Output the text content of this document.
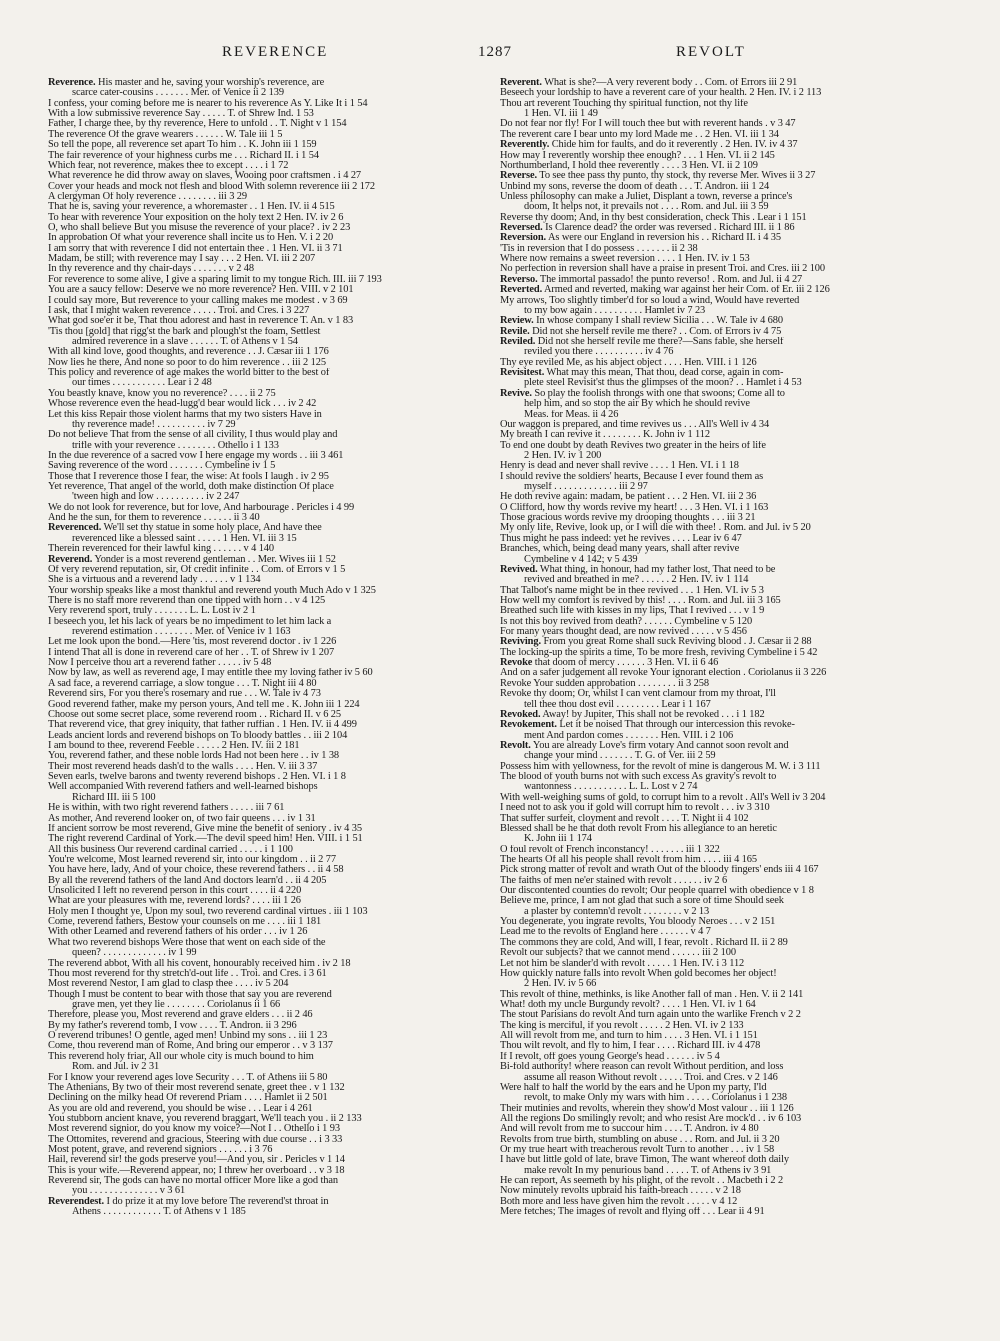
REVERENCE	1287	REVOLT
Reverence. His master and he, saving your worship's reverence, are
scarce cater-cousins . . . . . . . Mer. of Venice ii 2 139
I confess, your coming before me is nearer to his reverence As Y. Like It i 1 54
With a low submissive reverence Say . . . . . T. of Shrew Ind. 1 53
Father, I charge thee, by thy reverence, Here to unfold . . T. Night v 1 154
The reverence Of the grave wearers . . . . . . W. Tale iii 1 5
So tell the pope, all reverence set apart To him . . K. John iii 1 159
The fair reverence of your highness curbs me . . . Richard II. i 1 54
Which fear, not reverence, makes thee to except . . . . i 1 72
What reverence he did throw away on slaves, Wooing poor craftsmen . i 4 27
Cover your heads and mock not flesh and blood With solemn reverence iii 2 172
A clergyman Of holy reverence . . . . . . . . iii 3 29
That he is, saving your reverence, a whoremaster . . 1 Hen. IV. ii 4 515
To hear with reverence Your exposition on the holy text 2 Hen. IV. iv 2 6
O, who shall believe But you misuse the reverence of your place? . iv 2 23
In approbation Of what your reverence shall incite us to Hen. V. i 2 20
I am sorry that with reverence I did not entertain thee . 1 Hen. VI. ii 3 71
Madam, be still; with reverence may I say . . . 2 Hen. VI. iii 2 207
In thy reverence and thy chair-days . . . . . . . v 2 48
For reverence to some alive, I give a sparing limit to my tongue Rich. III. iii 7 193
You are a saucy fellow: Deserve we no more reverence? Hen. VIII. v 2 101
I could say more, But reverence to your calling makes me modest . v 3 69
I ask, that I might waken reverence . . . . . Troi. and Cres. i 3 227
What god soe'er it be, That thou adorest and hast in reverence T. An. v 1 83
'Tis thou [gold] that rigg'st the bark and plough'st the foam, Settlest
admired reverence in a slave . . . . . . T. of Athens v 1 54
With all kind love, good thoughts, and reverence . . J. Cæsar iii 1 176
Now lies he there, And none so poor to do him reverence . . iii 2 125
This policy and reverence of age makes the world bitter to the best of
our times . . . . . . . . . . . Lear i 2 48
You beastly knave, know you no reverence? . . . . ii 2 75
Whose reverence even the head-lugg'd bear would lick . . . iv 2 42
Let this kiss Repair those violent harms that my two sisters Have in
thy reverence made! . . . . . . . . . . iv 7 29
Do not believe That from the sense of all civility, I thus would play and
trifle with your reverence . . . . . . . . Othello i 1 133
In the due reverence of a sacred vow I here engage my words . . iii 3 461
Saving reverence of the word . . . . . . . Cymbeline iv 1 5
Those that I reverence those I fear, the wise: At fools I laugh . iv 2 95
Yet reverence, That angel of the world, doth make distinction Of place
'tween high and low . . . . . . . . . . iv 2 247
We do not look for reverence, but for love, And harbourage . Pericles i 4 99
And he the sun, for them to reverence . . . . . . ii 3 40
Reverenced. We'll set thy statue in some holy place, And have thee
reverenced like a blessed saint . . . . . 1 Hen. VI. iii 3 15
Therein reverenced for their lawful king . . . . . . v 4 140
Reverend. Yonder is a most reverend gentleman . . Mer. Wives iii 1 52
Of very reverend reputation, sir, Of credit infinite . . Com. of Errors v 1 5
She is a virtuous and a reverend lady . . . . . . v 1 134
Your worship speaks like a most thankful and reverend youth Much Ado v 1 325
There is no staff more reverend than one tipped with horn . . v 4 125
Very reverend sport, truly . . . . . . . L. L. Lost iv 2 1
I beseech you, let his lack of years be no impediment to let him lack a
reverend estimation . . . . . . . . Mer. of Venice iv 1 163
Let me look upon the bond.—Here 'tis, most reverend doctor . iv 1 226
I intend That all is done in reverend care of her . . T. of Shrew iv 1 207
Now I perceive thou art a reverend father . . . . . iv 5 48
Now by law, as well as reverend age, I may entitle thee my loving father iv 5 60
A sad face, a reverend carriage, a slow tongue . . . T. Night iii 4 80
Reverend sirs, For you there's rosemary and rue . . . W. Tale iv 4 73
Good reverend father, make my person yours, And tell me . K. John iii 1 224
Choose out some secret place, some reverend room . . Richard II. v 6 25
That reverend vice, that grey iniquity, that father ruffian . 1 Hen. IV. ii 4 499
Leads ancient lords and reverend bishops on To bloody battles . . iii 2 104
I am bound to thee, reverend Feeble . . . . . 2 Hen. IV. iii 2 181
You, reverend father, and these noble lords Had not been here . . iv 1 38
Their most reverend heads dash'd to the walls . . . . Hen. V. iii 3 37
Seven earls, twelve barons and twenty reverend bishops . 2 Hen. VI. i 1 8
Well accompanied With reverend fathers and well-learned bishops
Richard III. iii 5 100
He is within, with two right reverend fathers . . . . . iii 7 61
As mother, And reverend looker on, of two fair queens . . . iv 1 31
If ancient sorrow be most reverend, Give mine the benefit of seniory . iv 4 35
The right reverend Cardinal of York.—The devil speed him! Hen. VIII. i 1 51
All this business Our reverend cardinal carried . . . . . i 1 100
You're welcome, Most learned reverend sir, into our kingdom . . ii 2 77
You have here, lady, And of your choice, these reverend fathers . . ii 4 58
By all the reverend fathers of the land And doctors learn'd . . ii 4 205
Unsolicited I left no reverend person in this court . . . . ii 4 220
What are your pleasures with me, reverend lords? . . . . iii 1 26
Holy men I thought ye, Upon my soul, two reverend cardinal virtues . iii 1 103
Come, reverend fathers, Bestow your counsels on me . . . . iii 1 181
With other Learned and reverend fathers of his order . . . iv 1 26
What two reverend bishops Were those that went on each side of the
queen? . . . . . . . . . . . . . iv 1 99
The reverend abbot, With all his covent, honourably received him . iv 2 18
Thou most reverend for thy stretch'd-out life . . Troi. and Cres. i 3 61
Most reverend Nestor, I am glad to clasp thee . . . . iv 5 204
Though I must be content to bear with those that say you are reverend
grave men, yet they lie . . . . . . . . Coriolanus ii 1 66
Therefore, please you, Most reverend and grave elders . . . ii 2 46
By my father's reverend tomb, I vow . . . . T. Andron. ii 3 296
O reverend tribunes! O gentle, aged men! Unbind my sons . . iii 1 23
Come, thou reverend man of Rome, And bring our emperor . . v 3 137
This reverend holy friar, All our whole city is much bound to him
Rom. and Jul. iv 2 31
For I know your reverend ages love Security . . . T. of Athens iii 5 80
The Athenians, By two of their most reverend senate, greet thee . v 1 132
Declining on the milky head Of reverend Priam . . . . Hamlet ii 2 501
As you are old and reverend, you should be wise . . . Lear i 4 261
You stubborn ancient knave, you reverend braggart, We'll teach you . ii 2 133
Most reverend signior, do you know my voice?—Not I . . Othello i 1 93
The Ottomites, reverend and gracious, Steering with due course . . i 3 33
Most potent, grave, and reverend signiors . . . . . . i 3 76
Hail, reverend sir! the gods preserve you!—And you, sir . Pericles v 1 14
This is your wife.—Reverend appear, no; I threw her overboard . . v 3 18
Reverend sir, The gods can have no mortal officer More like a god than
you . . . . . . . . . . . . . . v 3 61
Reverendest. I do prize it at my love before The reverend'st throat in
Athens . . . . . . . . . . . . T. of Athens v 1 185
Reverent. What is she?—A very reverent body . . Com. of Errors iii 2 91
Beseech your lordship to have a reverent care of your health. 2 Hen. IV. i 2 113
Thou art reverent Touching thy spiritual function, not thy life
1 Hen. VI. iii 1 49
Do not fear nor fly! For I will touch thee but with reverent hands . v 3 47
The reverent care I bear unto my lord Made me . . 2 Hen. VI. iii 1 34
Reverently. Chide him for faults, and do it reverently . 2 Hen. IV. iv 4 37
How may I reverently worship thee enough? . . . 1 Hen. VI. ii 2 145
Northumberland, I hold thee reverently . . . . 3 Hen. VI. ii 2 109
Reverse. To see thee pass thy punto, thy stock, thy reverse Mer. Wives ii 3 27
Unbind my sons, reverse the doom of death . . . T. Andron. iii 1 24
Unless philosophy can make a Juliet, Displant a town, reverse a prince's
doom, It helps not, it prevails not . . . . Rom. and Jul. iii 3 59
Reverse thy doom; And, in thy best consideration, check This . Lear i 1 151
Reversed. Is Clarence dead? the order was reversed . Richard III. ii 1 86
Reversion. As were our England in reversion his . . Richard II. i 4 35
'Tis in reversion that I do possess . . . . . . . ii 2 38
Where now remains a sweet reversion . . . . 1 Hen. IV. iv 1 53
No perfection in reversion shall have a praise in present Troi. and Cres. iii 2 100
Reverso. The immortal passado! the punto reverso! . Rom. and Jul. ii 4 27
Reverted. Armed and reverted, making war against her heir Com. of Er. iii 2 126
My arrows, Too slightly timber'd for so loud a wind, Would have reverted
to my bow again . . . . . . . . . . Hamlet iv 7 23
Review. In whose company I shall review Sicilia . . . W. Tale iv 4 680
Revile. Did not she herself revile me there? . . Com. of Errors iv 4 75
Reviled. Did not she herself revile me there?—Sans fable, she herself
reviled you there . . . . . . . . . . iv 4 76
Thy eye reviled Me, as his abject object . . . . Hen. VIII. i 1 126
Revisitest. What may this mean, That thou, dead corse, again in com-
plete steel Revisit'st thus the glimpses of the moon? . . Hamlet i 4 53
Revive. So play the foolish throngs with one that swoons; Come all to
help him, and so stop the air By which he should revive
Meas. for Meas. ii 4 26
Our waggon is prepared, and time revives us . . . All's Well iv 4 34
My breath I can revive it . . . . . . . . K. John iv 1 112
To end one doubt by death Revives two greater in the heirs of life
2 Hen. IV. iv 1 200
Henry is dead and never shall revive . . . . 1 Hen. VI. i 1 18
I should revive the soldiers' hearts, Because I ever found them as
myself . . . . . . . . . . . . . iii 2 97
He doth revive again: madam, be patient . . . 2 Hen. VI. iii 2 36
O Clifford, how thy words revive my heart! . . . 3 Hen. VI. i 1 163
Those gracious words revive my drooping thoughts . . . iii 3 21
My only life, Revive, look up, or I will die with thee! . Rom. and Jul. iv 5 20
Thus might he pass indeed: yet he revives . . . . Lear iv 6 47
Branches, which, being dead many years, shall after revive
Cymbeline v 4 142; v 5 439
Revived. What thing, in honour, had my father lost, That need to be
revived and breathed in me? . . . . . . 2 Hen. IV. iv 1 114
That Talbot's name might be in thee revived . . . 1 Hen. VI. iv 5 3
How well my comfort is revived by this! . . . . Rom. and Jul. iii 3 165
Breathed such life with kisses in my lips, That I revived . . . v 1 9
Is not this boy revived from death? . . . . . . Cymbeline v 5 120
For many years thought dead, are now revived . . . . . v 5 456
Reviving. From you great Rome shall suck Reviving blood . J. Cæsar ii 2 88
The locking-up the spirits a time, To be more fresh, reviving Cymbeline i 5 42
Revoke that doom of mercy . . . . . . 3 Hen. VI. ii 6 46
And on a safer judgement all revoke Your ignorant election . Coriolanus ii 3 226
Revoke Your sudden approbation . . . . . . . . ii 3 258
Revoke thy doom; Or, whilst I can vent clamour from my throat, I'll
tell thee thou dost evil . . . . . . . . . Lear i 1 167
Revoked. Away! by Jupiter, This shall not be revoked . . . i 1 182
Revokement. Let it be noised That through our intercession this revoke-
ment And pardon comes . . . . . . . Hen. VIII. i 2 106
Revolt. You are already Love's firm votary And cannot soon revolt and
change your mind . . . . . . . T. G. of Ver. iii 2 59
Possess him with yellowness, for the revolt of mine is dangerous M. W. i 3 111
The blood of youth burns not with such excess As gravity's revolt to
wantonness . . . . . . . . . . . L. L. Lost v 2 74
With well-weighing sums of gold, to corrupt him to a revolt . All's Well iv 3 204
I need not to ask you if gold will corrupt him to revolt . . . iv 3 310
That suffer surfeit, cloyment and revolt . . . . T. Night ii 4 102
Blessed shall be he that doth revolt From his allegiance to an heretic
K. John iii 1 174
O foul revolt of French inconstancy! . . . . . . . iii 1 322
The hearts Of all his people shall revolt from him . . . . iii 4 165
Pick strong matter of revolt and wrath Out of the bloody fingers' ends iii 4 167
The faiths of men ne'er stained with revolt . . . . . . iv 2 6
Our discontented counties do revolt; Our people quarrel with obedience v 1 8
Believe me, prince, I am not glad that such a sore of time Should seek
a plaster by contemn'd revolt . . . . . . . . v 2 13
You degenerate, you ingrate revolts, You bloody Neroes . . . v 2 151
Lead me to the revolts of England here . . . . . . v 4 7
The commons they are cold, And will, I fear, revolt . Richard II. ii 2 89
Revolt our subjects? that we cannot mend . . . . . . iii 2 100
Let not him be slander'd with revolt . . . . . 1 Hen. IV. i 3 112
How quickly nature falls into revolt When gold becomes her object!
2 Hen. IV. iv 5 66
This revolt of thine, methinks, is like Another fall of man . Hen. V. ii 2 141
What! doth my uncle Burgundy revolt? . . . . 1 Hen. VI. iv 1 64
The stout Parisians do revolt And turn again unto the warlike French v 2 2
The king is merciful, if you revolt . . . . . 2 Hen. VI. iv 2 133
All will revolt from me, and turn to him . . . . 3 Hen. VI. i 1 151
Thou wilt revolt, and fly to him, I fear . . . . Richard III. iv 4 478
If I revolt, off goes young George's head . . . . . . iv 5 4
Bi-fold authority! where reason can revolt Without perdition, and loss
assume all reason Without revolt . . . . . Troi. and Cres. v 2 146
Were half to half the world by the ears and he Upon my party, I'ld
revolt, to make Only my wars with him . . . . . Coriolanus i 1 238
Their mutinies and revolts, wherein they show'd Most valour . . iii 1 126
All the regions Do smilingly revolt; and who resist Are mock'd . . iv 6 103
And will revolt from me to succour him . . . . T. Andron. iv 4 80
Revolts from true birth, stumbling on abuse . . . Rom. and Jul. ii 3 20
Or my true heart with treacherous revolt Turn to another . . . iv 1 58
I have but little gold of late, brave Timon, The want whereof doth daily
make revolt In my penurious band . . . . . T. of Athens iv 3 91
He can report, As seemeth by his plight, of the revolt . . Macbeth i 2 2
Now minutely revolts upbraid his faith-breach . . . . . v 2 18
Both more and less have given him the revolt . . . . . v 4 12
Mere fetches; The images of revolt and flying off . . . Lear ii 4 91
